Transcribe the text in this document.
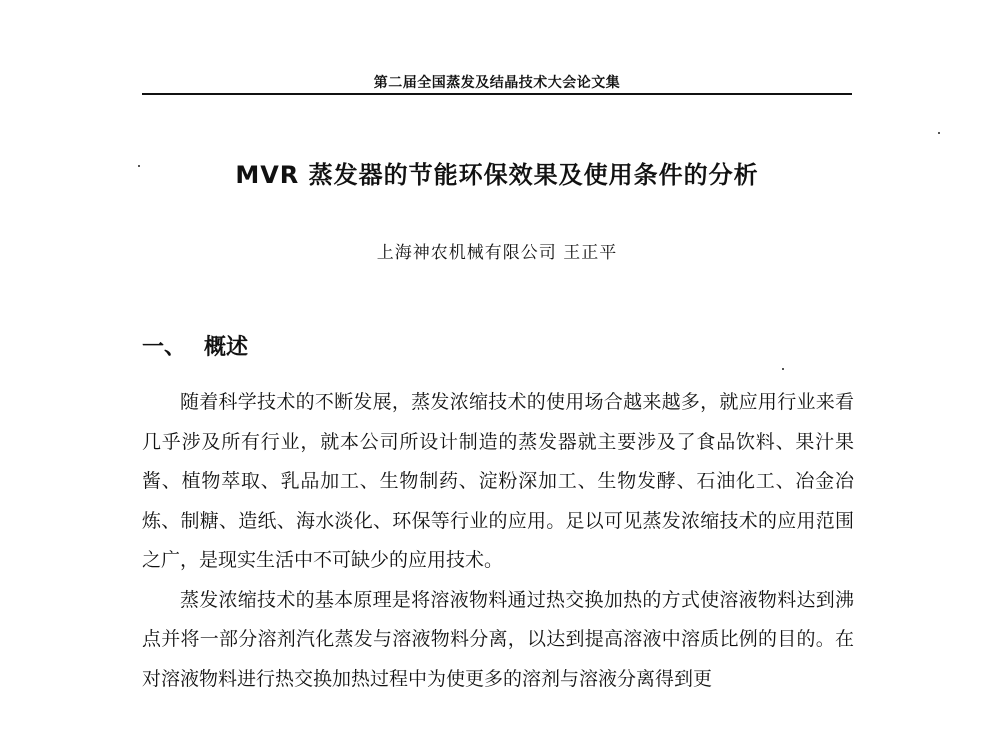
第二届全国蒸发及结晶技术大会论文集
MVR 蒸发器的节能环保效果及使用条件的分析
上海神农机械有限公司 王正平
一、 概述

随着科学技术的不断发展，蒸发浓缩技术的使用场合越来越多，就应用行业来看几乎涉及所有行业，就本公司所设计制造的蒸发器就主要涉及了食品饮料、果汁果酱、植物萃取、乳品加工、生物制药、淀粉深加工、生物发酵、石油化工、冶金冶炼、制糖、造纸、海水淡化、环保等行业的应用。足以可见蒸发浓缩技术的应用范围之广，是现实生活中不可缺少的应用技术。

蒸发浓缩技术的基本原理是将溶液物料通过热交换加热的方式使溶液物料达到沸点并将一部分溶剂汽化蒸发与溶液物料分离，以达到提高溶液中溶质比例的目的。在对溶液物料进行热交换加热过程中为使更多的溶剂与溶液分离得到更
